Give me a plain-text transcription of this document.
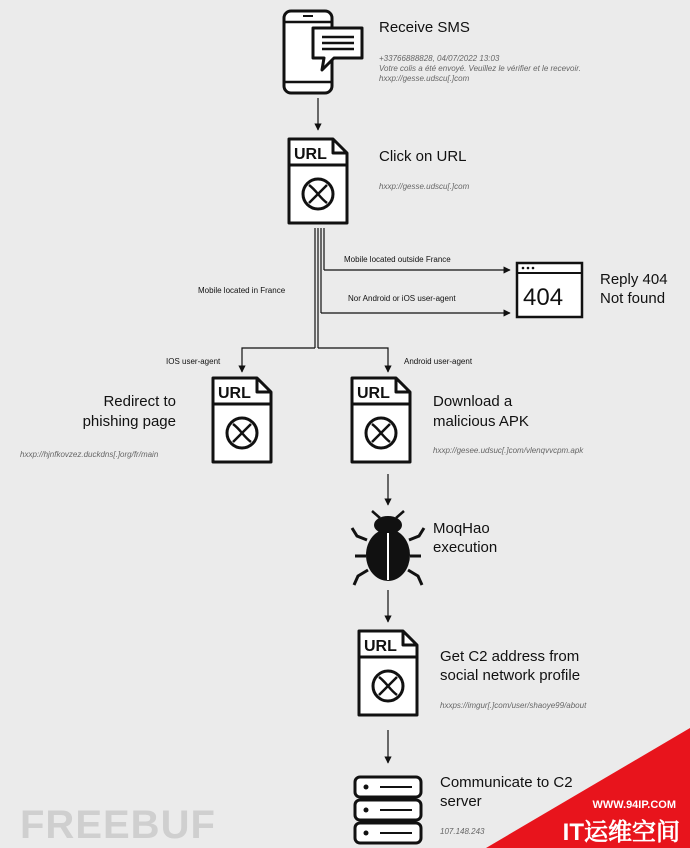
Mobile located outside France
Nor Android or iOS user-agent
Mobile located in France
IOS user-agent	Android user-agent
Receive SMS
+33766888828, 04/07/2022 13:03
Votre colis a été envoyé. Veuillez le vérifier et le recevoir.
hxxp://gesse.udscu[.]com
URL	Click on URL
hxxp://gesse.udscu[.]com
404
Reply 404
Not found
URL
Redirect to
phishing page
hxxp://hjnfkovzez.duckdns[.]org/fr/main
URL	Download a
malicious APK
hxxp://gesee.udsuc[.]com/vlenqvvcpm.apk
MoqHao
execution
URL
Get C2 address from
social network profile
hxxps://imgur[.]com/user/shaoye99/about
Communicate to C2
server
107.148.243
FREEBUF	WWW.94IP.COM
IT运维空间
